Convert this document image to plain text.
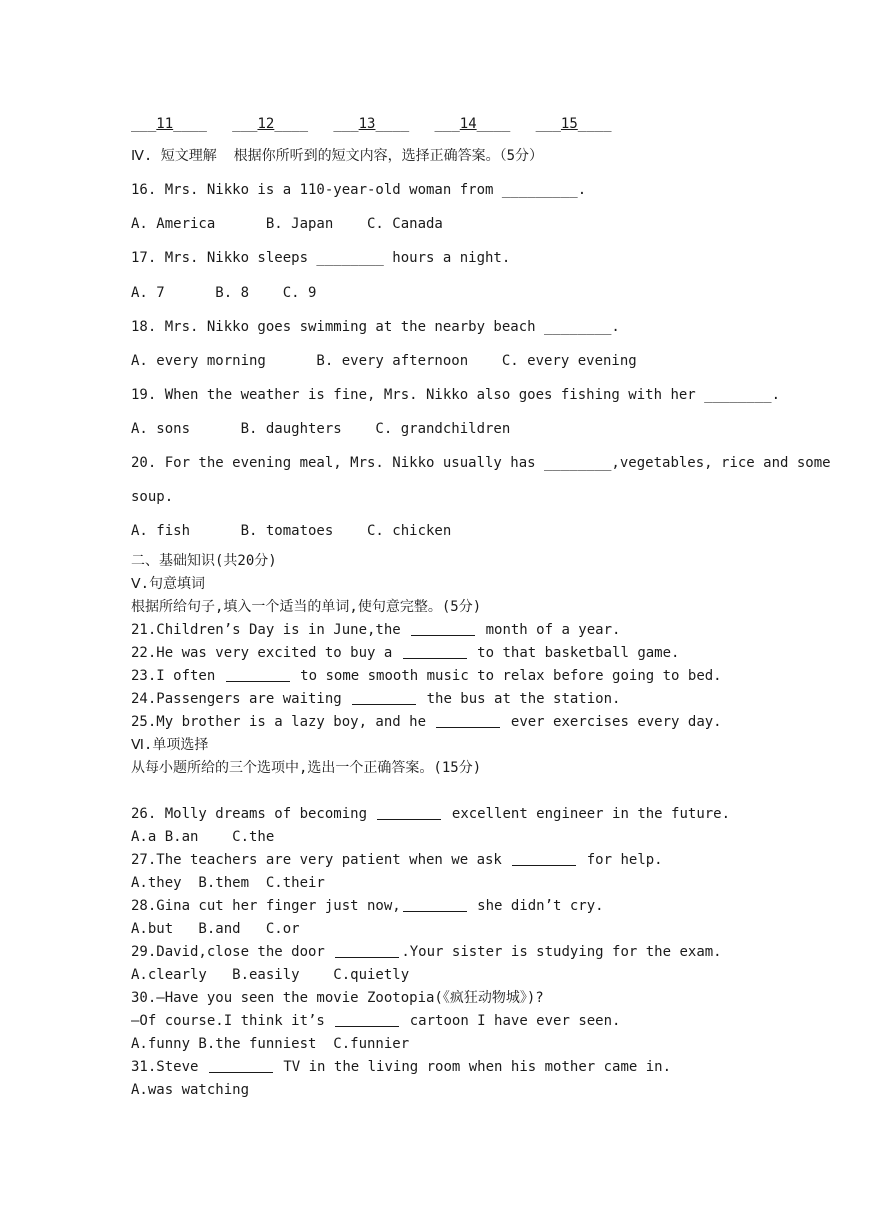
___11____   ___12____   ___13____   ___14____   ___15____
Ⅳ. 短文理解  根据你所听到的短文内容，选择正确答案。（5分）
16. Mrs. Nikko is a 110-year-old woman from _________.
A. America      B. Japan    C. Canada
17. Mrs. Nikko sleeps ________ hours a night.
A. 7      B. 8    C. 9
18. Mrs. Nikko goes swimming at the nearby beach ________.
A. every morning      B. every afternoon    C. every evening
19. When the weather is fine, Mrs. Nikko also goes fishing with her ________.
A. sons      B. daughters    C. grandchildren
20. For the evening meal, Mrs. Nikko usually has ________,vegetables, rice and some
soup.
A. fish      B. tomatoes    C. chicken
二、基础知识(共20分)
Ⅴ.句意填词
根据所给句子,填入一个适当的单词,使句意完整。(5分)
21.Children’s Day is in June,the	month of a year.
22.He was very excited to buy a	to that basketball game.
23.I often	to some smooth music to relax before going to bed.
24.Passengers are waiting	the bus at the station.
25.My brother is a lazy boy, and he	ever exercises every day.
Ⅵ.单项选择
从每小题所给的三个选项中,选出一个正确答案。(15分)
26. Molly dreams of becoming	excellent engineer in the future.
A.a B.an    C.the
27.The teachers are very patient when we ask	for help.
A.they  B.them  C.their
28.Gina cut her finger just now,	she didn’t cry.
A.but   B.and   C.or
29.David,close the door	.Your sister is studying for the exam.
A.clearly   B.easily    C.quietly
30.—Have you seen the movie Zootopia(《疯狂动物城》)?
—Of course.I think it’s	cartoon I have ever seen.
A.funny B.the funniest  C.funnier
31.Steve	TV in the living room when his mother came in.
A.was watching
